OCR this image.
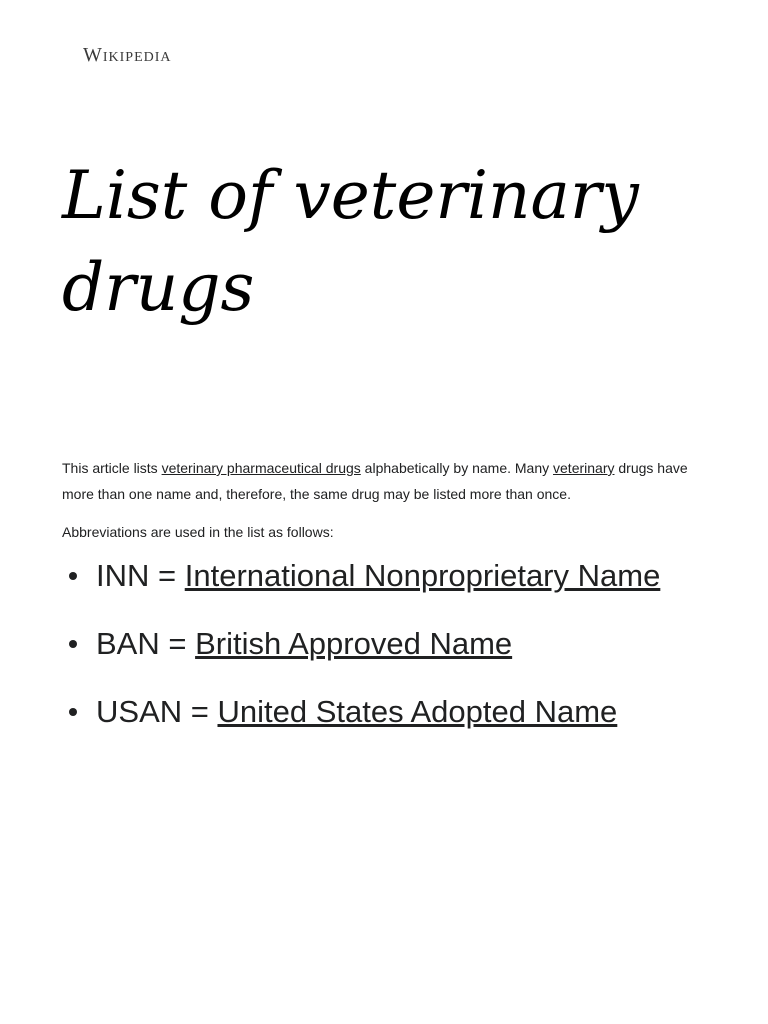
Wikipedia
List of veterinary drugs

This article lists veterinary pharmaceutical drugs alphabetically by name. Many veterinary drugs have more than one name and, therefore, the same drug may be listed more than once.

Abbreviations are used in the list as follows:

INN = International Nonproprietary Name
BAN = British Approved Name
USAN = United States Adopted Name
